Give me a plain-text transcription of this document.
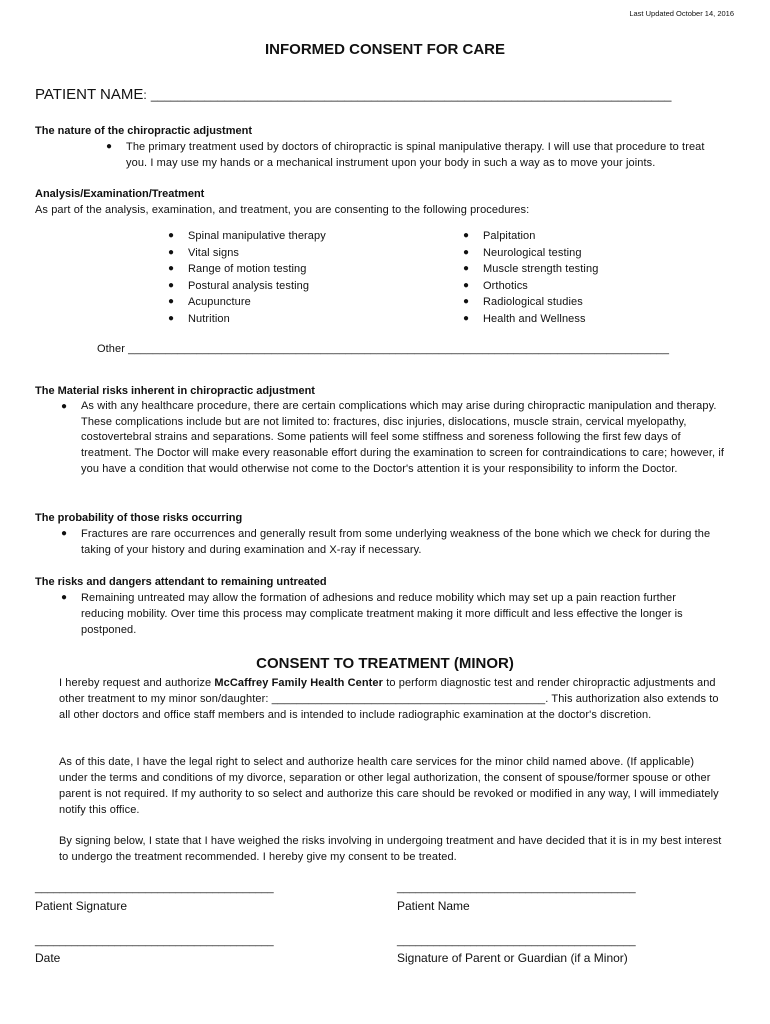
Last Updated October 14, 2016
INFORMED CONSENT FOR CARE
PATIENT NAME: ______________________________________________________________________________
The nature of the chiropractic adjustment
● The primary treatment used by doctors of chiropractic is spinal manipulative therapy. I will use that procedure to treat you. I may use my hands or a mechanical instrument upon your body in such a way as to move your joints.
Analysis/Examination/Treatment
As part of the analysis, examination, and treatment, you are consenting to the following procedures:
● Spinal manipulative therapy
● Vital signs
● Range of motion testing
● Postural analysis testing
● Acupuncture
● Nutrition
● Palpitation
● Neurological testing
● Muscle strength testing
● Orthotics
● Radiological studies
● Health and Wellness
Other _______________________________________________________________________________________
The Material risks inherent in chiropractic adjustment
● As with any healthcare procedure, there are certain complications which may arise during chiropractic manipulation and therapy. These complications include but are not limited to: fractures, disc injuries, dislocations, muscle strain, cervical myelopathy, costovertebral strains and separations. Some patients will feel some stiffness and soreness following the first few days of treatment. The Doctor will make every reasonable effort during the examination to screen for contraindications to care; however, if you have a condition that would otherwise not come to the Doctor's attention it is your responsibility to inform the Doctor.
The probability of those risks occurring
● Fractures are rare occurrences and generally result from some underlying weakness of the bone which we check for during the taking of your history and during examination and X-ray if necessary.
The risks and dangers attendant to remaining untreated
● Remaining untreated may allow the formation of adhesions and reduce mobility which may set up a pain reaction further reducing mobility. Over time this process may complicate treatment making it more difficult and less effective the longer is postponed.
CONSENT TO TREATMENT (MINOR)
I hereby request and authorize McCaffrey Family Health Center to perform diagnostic test and render chiropractic adjustments and other treatment to my minor son/daughter: ____________________________________________. This authorization also extends to all other doctors and office staff members and is intended to include radiographic examination at the doctor's discretion.
As of this date, I have the legal right to select and authorize health care services for the minor child named above. (If applicable) under the terms and conditions of my divorce, separation or other legal authorization, the consent of spouse/former spouse or other parent is not required. If my authority to so select and authorize this care should be revoked or modified in any way, I will immediately notify this office.
By signing below, I state that I have weighed the risks involving in undergoing treatment and have decided that it is in my best interest to undergo the treatment recommended. I hereby give my consent to be treated.
_______________________________________
Patient Signature
_______________________________________
Patient Name
_______________________________________
Date
_______________________________________
Signature of Parent or Guardian (if a Minor)
